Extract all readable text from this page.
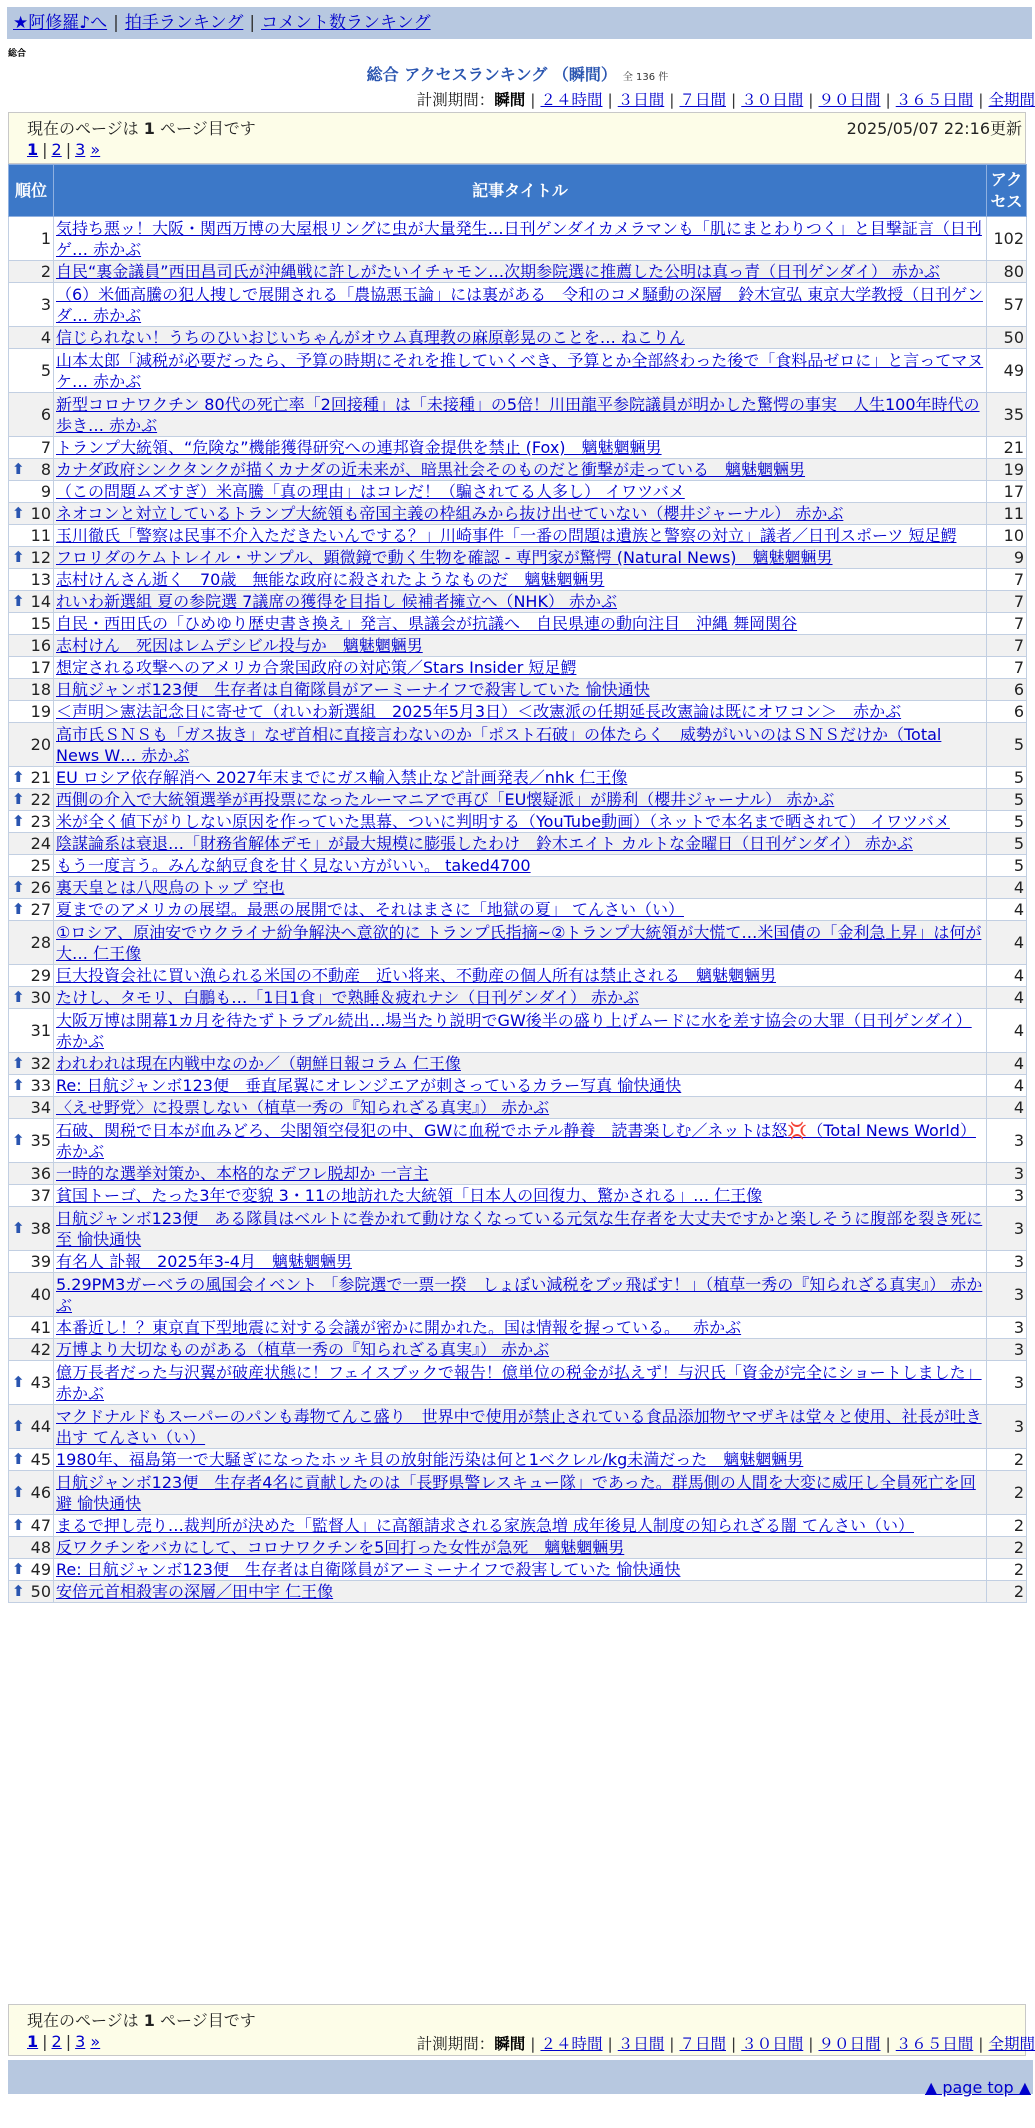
★阿修羅♪へ | 拍手ランキング | コメント数ランキング
総合
総合 アクセスランキング （瞬間） 全 136 件
計測期間：瞬間 | ２４時間 | ３日間 | ７日間 | ３０日間 | ９０日間 | ３６５日間 | 全期間
現在のページは 1 ページ目です	2025/05/07 22:16更新
1 | 2 | 3 »
順位	記事タイトル	アクセス
1	気持ち悪ッ！大阪・関西万博の大屋根リングに虫が大量発生…日刊ゲンダイカメラマンも「肌にまとわりつく」と目撃証言（日刊ゲ… 赤かぶ	102
2	自民“裏金議員”西田昌司氏が沖縄戦に許しがたいイチャモン…次期参院選に推薦した公明は真っ青（日刊ゲンダイ） 赤かぶ	80
3	（6）米価高騰の犯人捜しで展開される「農協悪玉論」には裏がある　令和のコメ騒動の深層　鈴木宣弘 東京大学教授（日刊ゲンダ… 赤かぶ	57
4	信じられない！うちのひいおじいちゃんがオウム真理教の麻原彰晃のことを… ねこりん	50
5	山本太郎「減税が必要だったら、予算の時期にそれを推していくべき、予算とか全部終わった後で「食料品ゼロに」と言ってマヌケ… 赤かぶ	49
6	新型コロナワクチン 80代の死亡率「2回接種」は「未接種」の5倍！川田龍平参院議員が明かした驚愕の事実　人生100年時代の歩き… 赤かぶ	35
7	トランプ大統領、“危険な”機能獲得研究への連邦資金提供を禁止 (Fox)　魑魅魍魎男	21

⬆ 8	カナダ政府シンクタンクが描くカナダの近未来が、暗黒社会そのものだと衝撃が走っている　魑魅魍魎男	19
9	（この問題ムズすぎ）米高騰「真の理由」はコレだ！（騙されてる人多し） イワツバメ	17

⬆ 10	ネオコンと対立しているトランプ大統領も帝国主義の枠組みから抜け出せていない（櫻井ジャーナル） 赤かぶ	11
11	玉川徹氏「警察は民事不介入ただきたいんでする？」川崎事件「一番の問題は遺族と警察の対立」議者／日刊スポーツ 短足鰐	10

⬆ 12	フロリダのケムトレイル・サンプル、顕微鏡で動く生物を確認 - 専門家が驚愕 (Natural News)　魑魅魍魎男	9
13	志村けんさん逝く　70歳　無能な政府に殺されたようなものだ　魑魅魍魎男	7

⬆ 14	れいわ新選組 夏の参院選 7議席の獲得を目指し 候補者擁立へ（NHK） 赤かぶ	7
15	自民・西田氏の「ひめゆり歴史書き換え」発言、県議会が抗議へ　自民県連の動向注目　沖縄 舞岡関谷	7
16	志村けん　死因はレムデシビル投与か　魑魅魍魎男	7
17	想定される攻撃へのアメリカ合衆国政府の対応策／Stars Insider 短足鰐	7
18	日航ジャンボ123便　生存者は自衛隊員がアーミーナイフで殺害していた 愉快通快	6
19	＜声明＞憲法記念日に寄せて（れいわ新選組　2025年5月3日）＜改憲派の任期延長改憲論は既にオワコン＞　赤かぶ	6
20	高市氏ＳＮＳも「ガス抜き」なぜ首相に直接言わないのか「ポスト石破」の体たらく　威勢がいいのはＳＮＳだけか（Total News W… 赤かぶ	5

⬆ 21	EU ロシア依存解消へ 2027年末までにガス輸入禁止など計画発表／nhk 仁王像	5

⬆ 22	西側の介入で大統領選挙が再投票になったルーマニアで再び「EU懐疑派」が勝利（櫻井ジャーナル） 赤かぶ	5

⬆ 23	米が全く値下がりしない原因を作っていた黒幕、ついに判明する（YouTube動画）（ネットで本名まで晒されて） イワツバメ	5
24	陰謀論系は衰退…「財務省解体デモ」が最大規模に膨張したわけ　鈴木エイト カルトな金曜日（日刊ゲンダイ） 赤かぶ	5
25	もう一度言う。みんな納豆食を甘く見ない方がいい。 taked4700	5

⬆ 26	裏天皇とは八咫烏のトップ 空也	4

⬆ 27	夏までのアメリカの展望。最悪の展開では、それはまさに「地獄の夏」 てんさい（い）	4
28	①ロシア、原油安でウクライナ紛争解決へ意欲的に トランプ氏指摘~②トランプ大統領が大慌て…米国債の「金利急上昇」は何が大… 仁王像	4
29	巨大投資会社に買い漁られる米国の不動産　近い将来、不動産の個人所有は禁止される　魑魅魍魎男	4

⬆ 30	たけし、タモリ、白鵬も…「1日1食」で熟睡＆疲れナシ（日刊ゲンダイ） 赤かぶ	4
31	大阪万博は開幕1カ月を待たずトラブル続出…場当たり説明でGW後半の盛り上げムードに水を差す協会の大罪（日刊ゲンダイ） 赤かぶ	4

⬆ 32	われわれは現在内戦中なのか／（朝鮮日報コラム 仁王像	4

⬆ 33	Re: 日航ジャンボ123便　垂直尾翼にオレンジエアが刺さっているカラー写真 愉快通快	4
34	〈えせ野党〉に投票しない（植草一秀の『知られざる真実』） 赤かぶ	4

⬆ 35	石破、関税で日本が血みどろ、尖閣領空侵犯の中、GWに血税でホテル静養　読書楽しむ／ネットは怒💢（Total News World） 赤かぶ	3
36	一時的な選挙対策か、本格的なデフレ脱却か 一言主	3
37	貧国トーゴ、たった3年で変貌 3・11の地訪れた大統領「日本人の回復力、驚かされる」… 仁王像	3

⬆ 38	日航ジャンボ123便　ある隊員はベルトに巻かれて動けなくなっている元気な生存者を大丈夫ですかと楽しそうに腹部を裂き死に至 愉快通快	3
39	有名人 訃報　2025年3-4月　魑魅魍魎男	3
40	5.29PM3ガーベラの風国会イベント 「参院選で一票一揆　しょぼい減税をブッ飛ばす！」（植草一秀の『知られざる真実』） 赤かぶ	3
41	本番近し！？東京直下型地震に対する会議が密かに開かれた。国は情報を握っている。　 赤かぶ	3
42	万博より大切なものがある（植草一秀の『知られざる真実』） 赤かぶ	3

⬆ 43	億万長者だった与沢翼が破産状態に！フェイスブックで報告！億単位の税金が払えず！与沢氏「資金が完全にショートしました」 赤かぶ	3

⬆ 44	マクドナルドもスーパーのパンも毒物てんこ盛り　世界中で使用が禁止されている食品添加物ヤマザキは堂々と使用、社長が吐き出す てんさい（い）	3

⬆ 45	1980年、福島第一で大騒ぎになったホッキ貝の放射能汚染は何と1ベクレル/kg未満だった　魑魅魍魎男	2

⬆ 46	日航ジャンボ123便　生存者4名に貢献したのは「長野県警レスキュー隊」であった。群馬側の人間を大変に威圧し全員死亡を回避 愉快通快	2

⬆ 47	まるで押し売り…裁判所が決めた「監督人」に高額請求される家族急増 成年後見人制度の知られざる闇 てんさい（い）	2
48	反ワクチンをバカにして、コロナワクチンを5回打った女性が急死　魑魅魍魎男	2

⬆ 49	Re: 日航ジャンボ123便　生存者は自衛隊員がアーミーナイフで殺害していた 愉快通快	2

⬆ 50	安倍元首相殺害の深層／田中宇 仁王像	2
現在のページは 1 ページ目です
1 | 2 | 3 »	計測期間：瞬間 | ２４時間 | ３日間 | ７日間 | ３０日間 | ９０日間 | ３６５日間 | 全期間
▲ page top ▲
